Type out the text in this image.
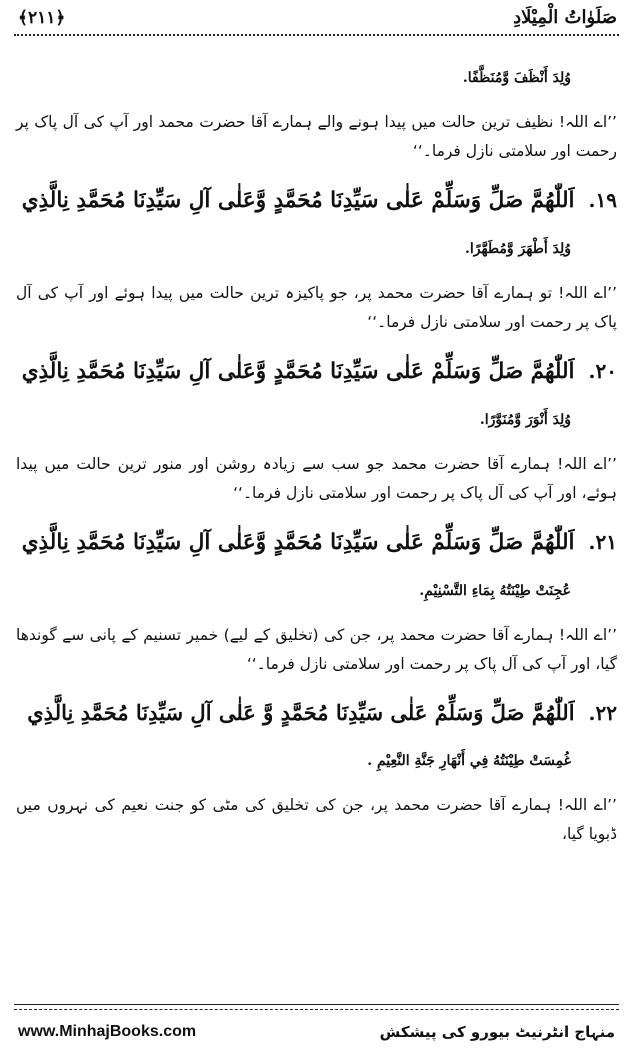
﴿٢١١﴾	صَلَوٰاتُ الْمِیْلَادِ

وُلِدَ أَنْظَفَ وَّمُنَظَّفًا.

’’اے اللہ! نظیف ترین حالت میں پیدا ہونے والے ہمارے آقا حضرت محمد اور آپ کی آل پاک پر رحمت اور سلامتی نازل فرما۔‘‘

١٩.اَللّٰهُمَّ صَلِّ وَسَلِّمْ عَلٰى سَيِّدِنَا مُحَمَّدٍ وَّعَلٰى آلِ سَيِّدِنَا مُحَمَّدِ نِالَّذِي
وُلِدَ أَطْهَرَ وَّمُطَهَّرًا.

’’اے اللہ! تو ہمارے آقا حضرت محمد پر، جو پاکیزہ ترین حالت میں پیدا ہوئے اور آپ کی آل پاک پر رحمت اور سلامتی نازل فرما۔‘‘

٢٠.اَللّٰهُمَّ صَلِّ وَسَلِّمْ عَلٰى سَيِّدِنَا مُحَمَّدٍ وَّعَلٰى آلِ سَيِّدِنَا مُحَمَّدِ نِالَّذِي
وُلِدَ أَنْوَرَ وَّمُنَوَّرًا.

’’اے اللہ! ہمارے آقا حضرت محمد جو سب سے زیادہ روشن اور منور ترین حالت میں پیدا ہوئے، اور آپ کی آل پاک پر رحمت اور سلامتی نازل فرما۔‘‘

٢١.اَللّٰهُمَّ صَلِّ وَسَلِّمْ عَلٰى سَيِّدِنَا مُحَمَّدٍ وَّعَلٰى آلِ سَيِّدِنَا مُحَمَّدِ نِالَّذِي
عُجِنَتْ طِيْنَتُهُ بِمَاءِ التَّسْنِيْمِ.

’’اے اللہ! ہمارے آقا حضرت محمد پر، جن کی (تخلیق کے لیے) خمیر تسنیم کے پانی سے گوندھا گیا، اور آپ کی آل پاک پر رحمت اور سلامتی نازل فرما۔‘‘

٢٢.اَللّٰهُمَّ صَلِّ وَسَلِّمْ عَلٰى سَيِّدِنَا مُحَمَّدٍ وَّ عَلٰى آلِ سَيِّدِنَا مُحَمَّدِ نِالَّذِي
غُمِسَتْ طِيْنَتُهُ فِي أَنْهَارِ جَنَّةِ النَّعِيْمِ .

’’اے اللہ! ہمارے آقا حضرت محمد پر، جن کی تخلیق کی مٹی کو جنت نعیم کی نہروں میں ڈبویا گیا،

www.MinhajBooks.com	منہاج انٹرنیٹ بیورو کی پیشکش
